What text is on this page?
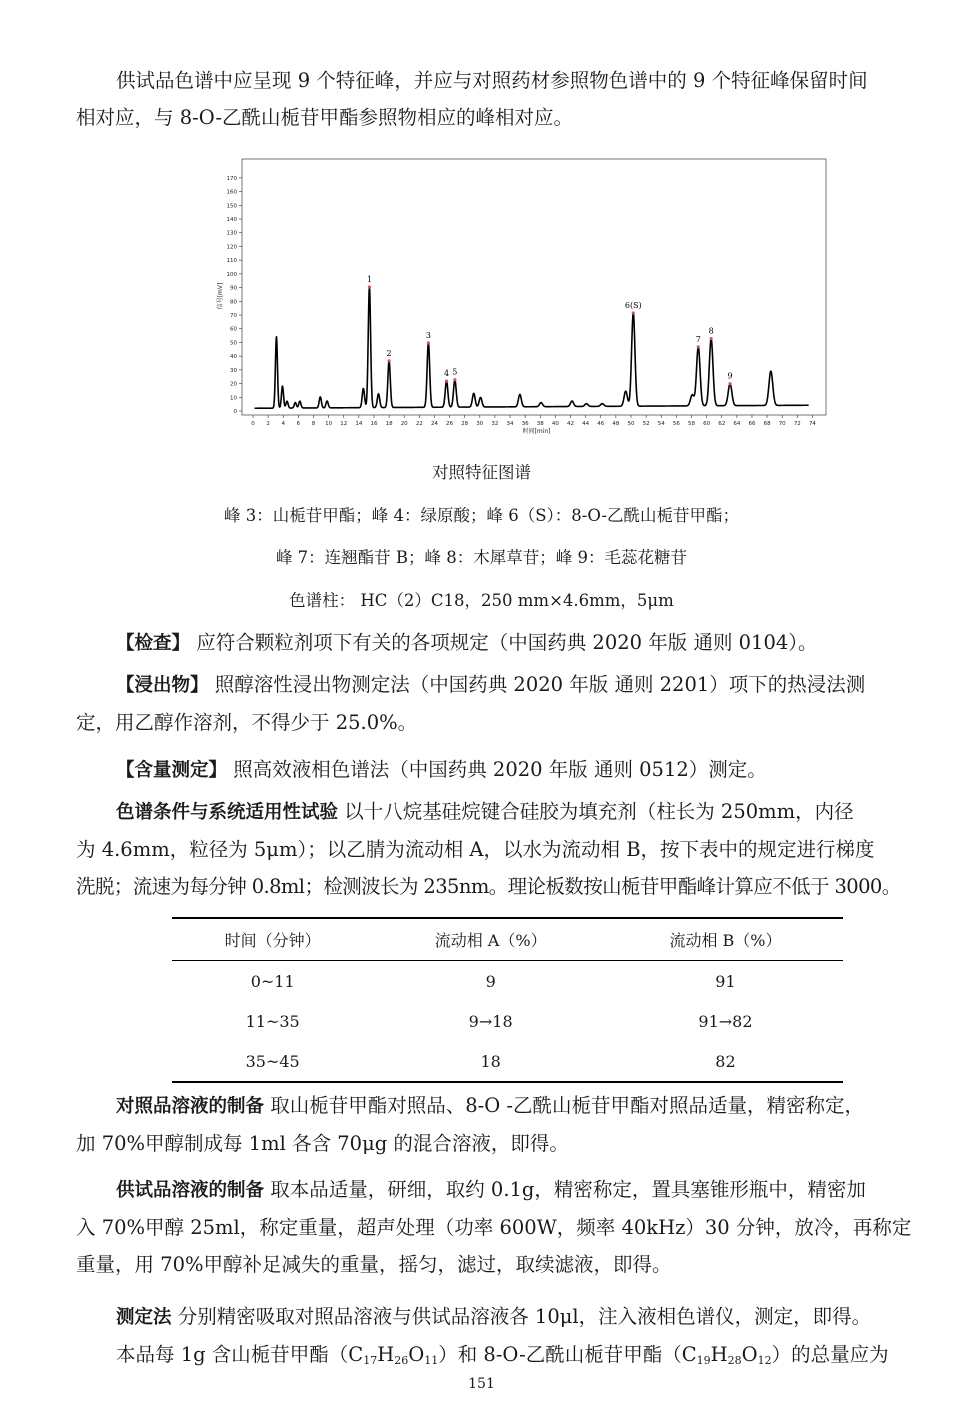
供试品色谱中应呈现 9 个特征峰，并应与对照药材参照物色谱中的 9 个特征峰保留时间
相对应，与 8-O-乙酰山栀苷甲酯参照物相应的峰相对应。
0
10
20
30
40
50
60
70
80
90
100
110
120
130
140
150
160
170
0 2 4 6 8 10 12 14 16 18 20 22 24 26 28 30 32 34 36 38 40 42 44 46 48 50 52 54 56 58 60 62 64 66 68 70 72 74
时间[min]
信号[mV]
1
2
3
4 5
6(S)
7
8
9
对照特征图谱
峰 3：山栀苷甲酯；峰 4：绿原酸；峰 6（S）：8-O-乙酰山栀苷甲酯；
峰 7：连翘酯苷 B；峰 8：木犀草苷；峰 9：毛蕊花糖苷
色谱柱： HC（2）C18，250 mm×4.6mm，5μm
【检查】 应符合颗粒剂项下有关的各项规定（中国药典 2020 年版 通则 0104）。
【浸出物】 照醇溶性浸出物测定法（中国药典 2020 年版 通则 2201）项下的热浸法测
定，用乙醇作溶剂，不得少于 25.0%。
【含量测定】 照高效液相色谱法（中国药典 2020 年版 通则 0512）测定。
色谱条件与系统适用性试验 以十八烷基硅烷键合硅胶为填充剂（柱长为 250mm，内径
为 4.6mm，粒径为 5μm）；以乙腈为流动相 A，以水为流动相 B，按下表中的规定进行梯度
洗脱；流速为每分钟 0.8ml；检测波长为 235nm。理论板数按山栀苷甲酯峰计算应不低于 3000。
时间（分钟）	流动相 A（%）	流动相 B（%）
0~11	9	91
11~35	9→18	91→82
35~45	18	82
对照品溶液的制备 取山栀苷甲酯对照品、8-O -乙酰山栀苷甲酯对照品适量，精密称定，
加 70%甲醇制成每 1ml 各含 70μg 的混合溶液，即得。
供试品溶液的制备 取本品适量，研细，取约 0.1g，精密称定，置具塞锥形瓶中，精密加
入 70%甲醇 25ml，称定重量，超声处理（功率 600W，频率 40kHz）30 分钟，放冷，再称定
重量，用 70%甲醇补足减失的重量，摇匀，滤过，取续滤液，即得。
测定法 分别精密吸取对照品溶液与供试品溶液各 10μl，注入液相色谱仪，测定，即得。
本品每 1g 含山栀苷甲酯$(C_{17}H_{26}O_{11})$和 8-O-乙酰山栀苷甲酯$(C_{19}H_{28}O_{12})$的总量应为
151
